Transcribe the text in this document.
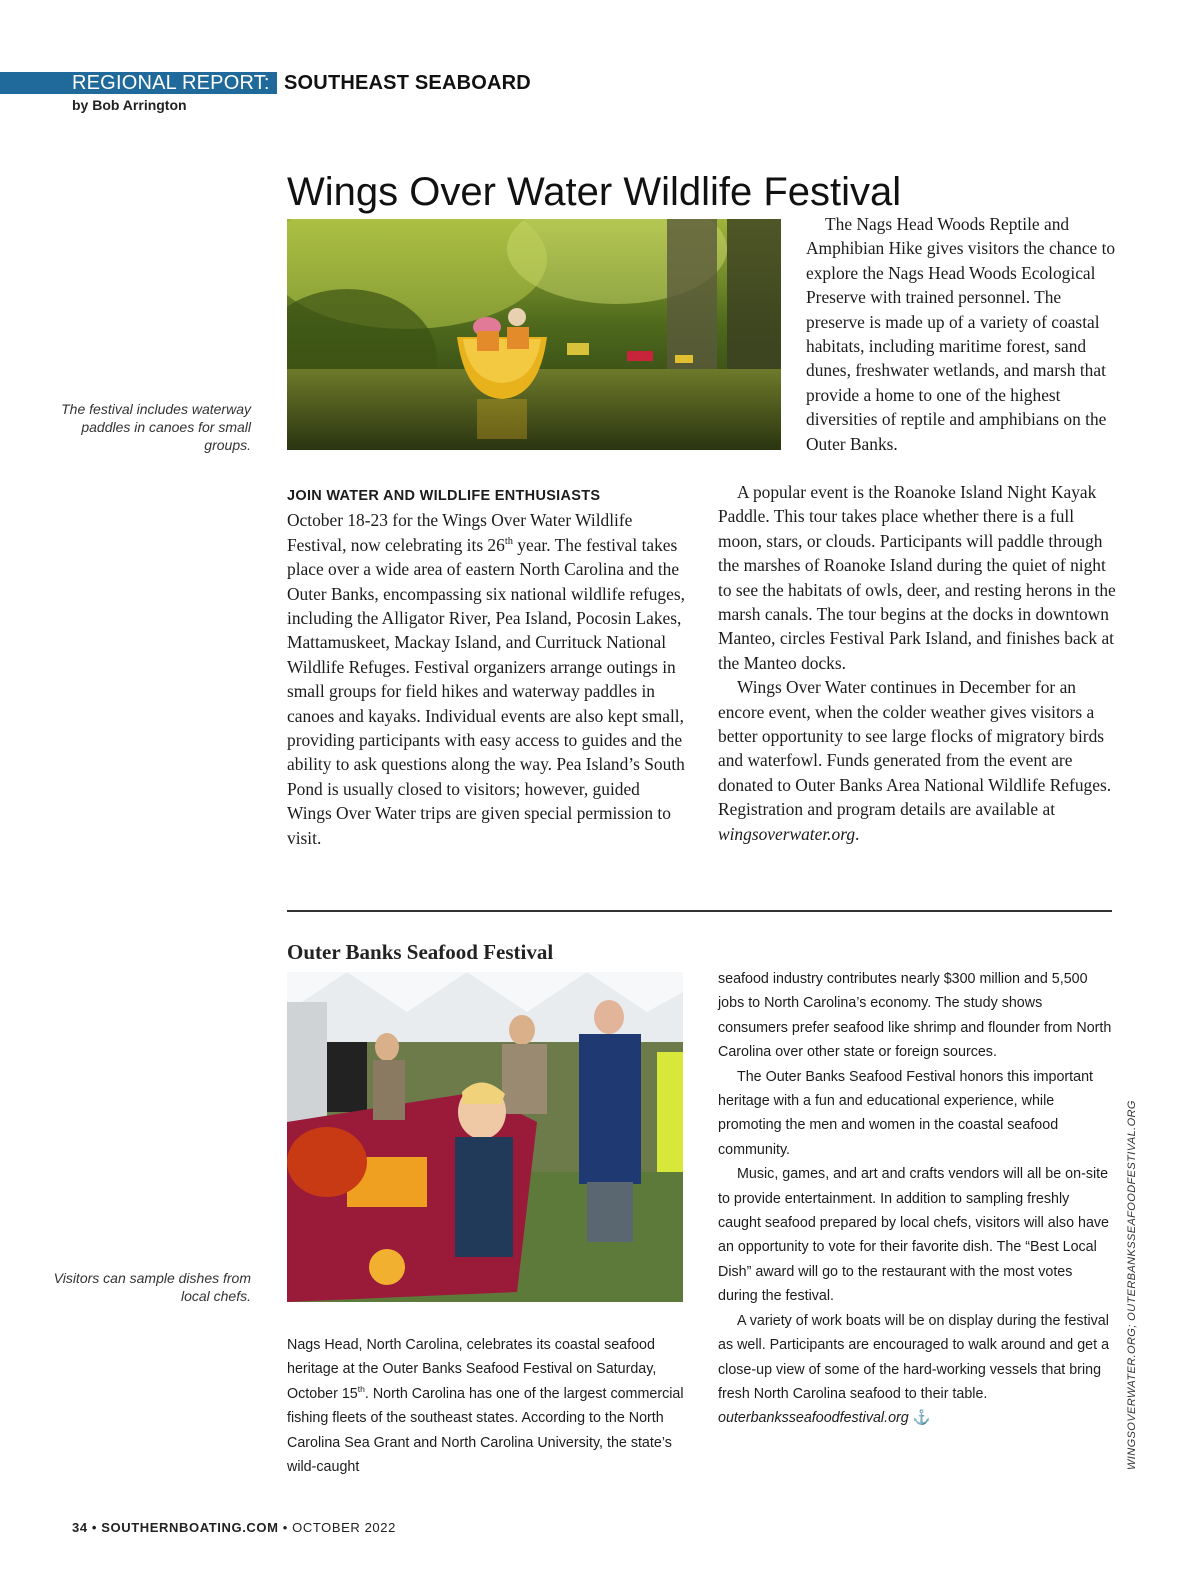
REGIONAL REPORT: SOUTHEAST SEABOARD
by Bob Arrington
Wings Over Water Wildlife Festival
The festival includes waterway paddles in canoes for small groups.

JOIN WATER AND WILDLIFE ENTHUSIASTS
October 18-23 for the Wings Over Water Wildlife Festival, now celebrating its 26th year. The festival takes place over a wide area of eastern North Carolina and the Outer Banks, encompassing six national wildlife refuges, including the Alligator River, Pea Island, Pocosin Lakes, Mattamuskeet, Mackay Island, and Currituck National Wildlife Refuges. Festival organizers arrange outings in small groups for field hikes and waterway paddles in canoes and kayaks. Individual events are also kept small, providing participants with easy access to guides and the ability to ask questions along the way. Pea Island’s South Pond is usually closed to visitors; however, guided Wings Over Water trips are given special permission to visit.

The Nags Head Woods Reptile and Amphibian Hike gives visitors the chance to explore the Nags Head Woods Ecological Preserve with trained personnel. The preserve is made up of a variety of coastal habitats, including maritime forest, sand dunes, freshwater wetlands, and marsh that provide a home to one of the highest diversities of reptile and amphibians on the Outer Banks.

A popular event is the Roanoke Island Night Kayak Paddle. This tour takes place whether there is a full moon, stars, or clouds. Participants will paddle through the marshes of Roanoke Island during the quiet of night to see the habitats of owls, deer, and resting herons in the marsh canals. The tour begins at the docks in downtown Manteo, circles Festival Park Island, and finishes back at the Manteo docks.

Wings Over Water continues in December for an encore event, when the colder weather gives visitors a better opportunity to see large flocks of migratory birds and waterfowl. Funds generated from the event are donated to Outer Banks Area National Wildlife Refuges. Registration and program details are available at wingsoverwater.org.

Outer Banks Seafood Festival
Visitors can sample dishes from local chefs.

Nags Head, North Carolina, celebrates its coastal seafood heritage at the Outer Banks Seafood Festival on Saturday, October 15th. North Carolina has one of the largest commercial fishing fleets of the southeast states. According to the North Carolina Sea Grant and North Carolina University, the state’s wild-caught

seafood industry contributes nearly $300 million and 5,500 jobs to North Carolina’s economy. The study shows consumers prefer seafood like shrimp and flounder from North Carolina over other state or foreign sources.

The Outer Banks Seafood Festival honors this important heritage with a fun and educational experience, while promoting the men and women in the coastal seafood community.

Music, games, and art and crafts vendors will all be on-site to provide entertainment. In addition to sampling freshly caught seafood prepared by local chefs, visitors will also have an opportunity to vote for their favorite dish. The “Best Local Dish” award will go to the restaurant with the most votes during the festival.

A variety of work boats will be on display during the festival as well. Participants are encouraged to walk around and get a close-up view of some of the hard-working vessels that bring fresh North Carolina seafood to their table. outerbanksseafoodfestival.org ⚓	WINGSOVERWATER.ORG; OUTERBANKSSEAFOODFESTIVAL.ORG
34 • SOUTHERNBOATING.COM • OCTOBER 2022
